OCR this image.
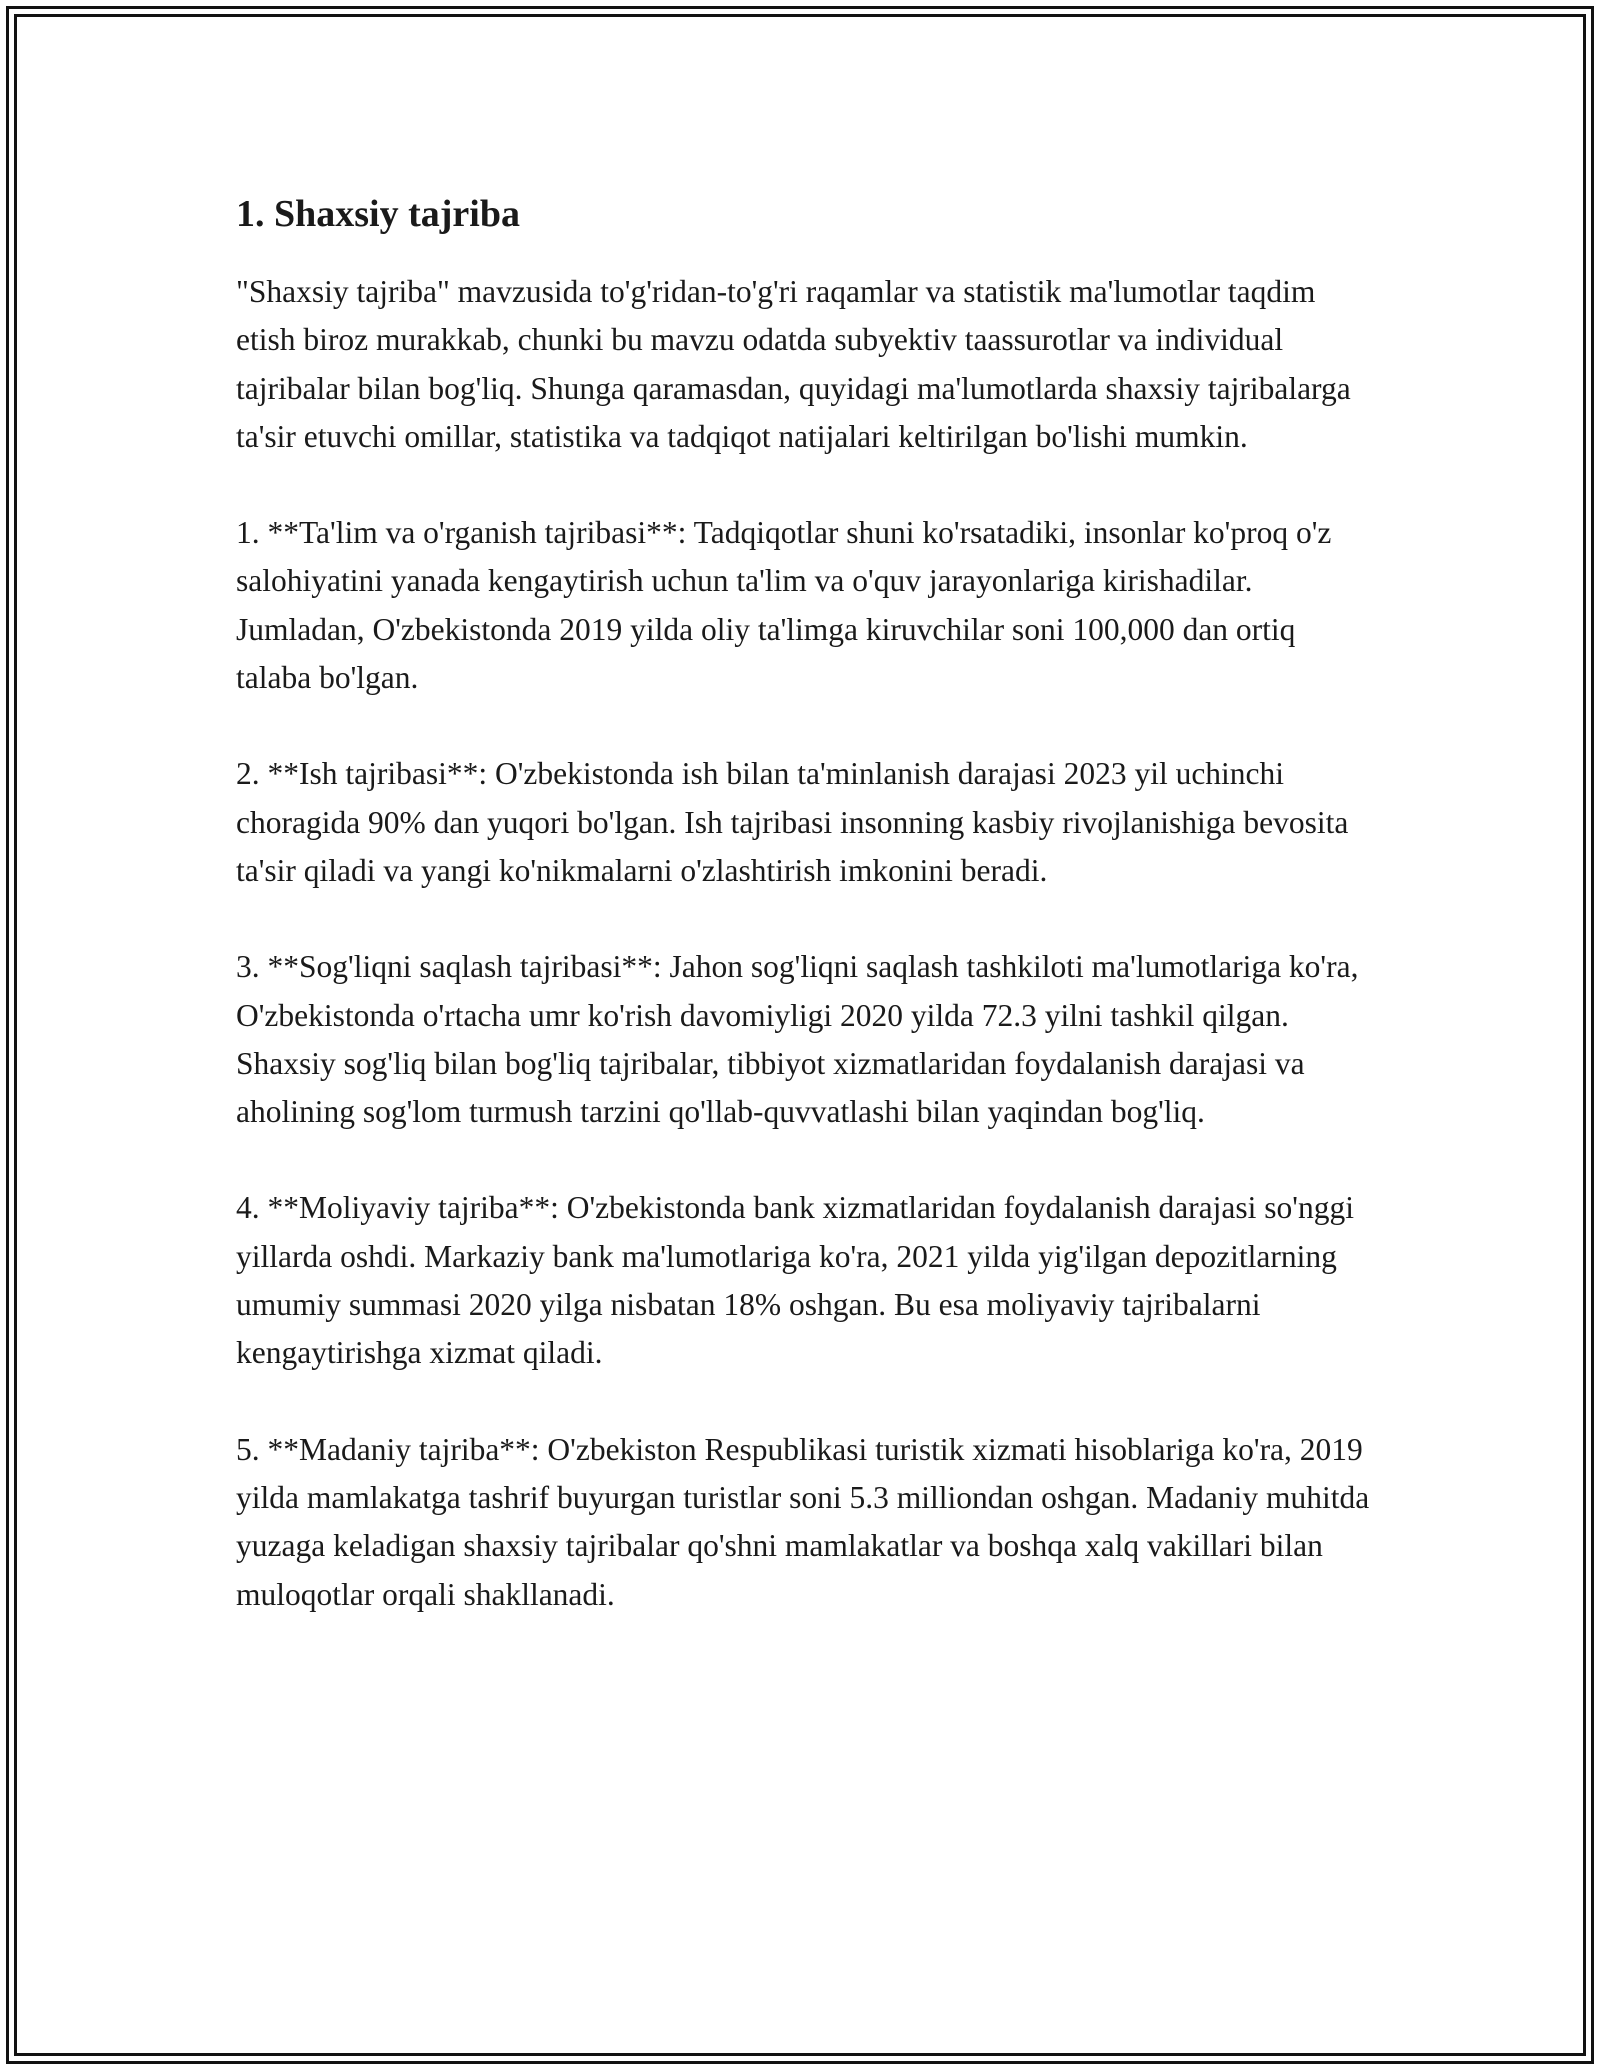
1. Shaxsiy tajriba

"Shaxsiy tajriba" mavzusida to'g'ridan-to'g'ri raqamlar va statistik ma'lumotlar taqdim etish biroz murakkab, chunki bu mavzu odatda subyektiv taassurotlar va individual tajribalar bilan bog'liq. Shunga qaramasdan, quyidagi ma'lumotlarda shaxsiy tajribalarga ta'sir etuvchi omillar, statistika va tadqiqot natijalari keltirilgan bo'lishi mumkin.

1. **Ta'lim va o'rganish tajribasi**: Tadqiqotlar shuni ko'rsatadiki, insonlar ko'proq o'z salohiyatini yanada kengaytirish uchun ta'lim va o'quv jarayonlariga kirishadilar. Jumladan, O'zbekistonda 2019 yilda oliy ta'limga kiruvchilar soni 100,000 dan ortiq talaba bo'lgan.

2. **Ish tajribasi**: O'zbekistonda ish bilan ta'minlanish darajasi 2023 yil uchinchi choragida 90% dan yuqori bo'lgan. Ish tajribasi insonning kasbiy rivojlanishiga bevosita ta'sir qiladi va yangi ko'nikmalarni o'zlashtirish imkonini beradi.

3. **Sog'liqni saqlash tajribasi**: Jahon sog'liqni saqlash tashkiloti ma'lumotlariga ko'ra, O'zbekistonda o'rtacha umr ko'rish davomiyligi 2020 yilda 72.3 yilni tashkil qilgan. Shaxsiy sog'liq bilan bog'liq tajribalar, tibbiyot xizmatlaridan foydalanish darajasi va aholining sog'lom turmush tarzini qo'llab-quvvatlashi bilan yaqindan bog'liq.

4. **Moliyaviy tajriba**: O'zbekistonda bank xizmatlaridan foydalanish darajasi so'nggi yillarda oshdi. Markaziy bank ma'lumotlariga ko'ra, 2021 yilda yig'ilgan depozitlarning umumiy summasi 2020 yilga nisbatan 18% oshgan. Bu esa moliyaviy tajribalarni kengaytirishga xizmat qiladi.

5. **Madaniy tajriba**: O'zbekiston Respublikasi turistik xizmati hisoblariga ko'ra, 2019 yilda mamlakatga tashrif buyurgan turistlar soni 5.3 milliondan oshgan. Madaniy muhitda yuzaga keladigan shaxsiy tajribalar qo'shni mamlakatlar va boshqa xalq vakillari bilan muloqotlar orqali shakllanadi.
